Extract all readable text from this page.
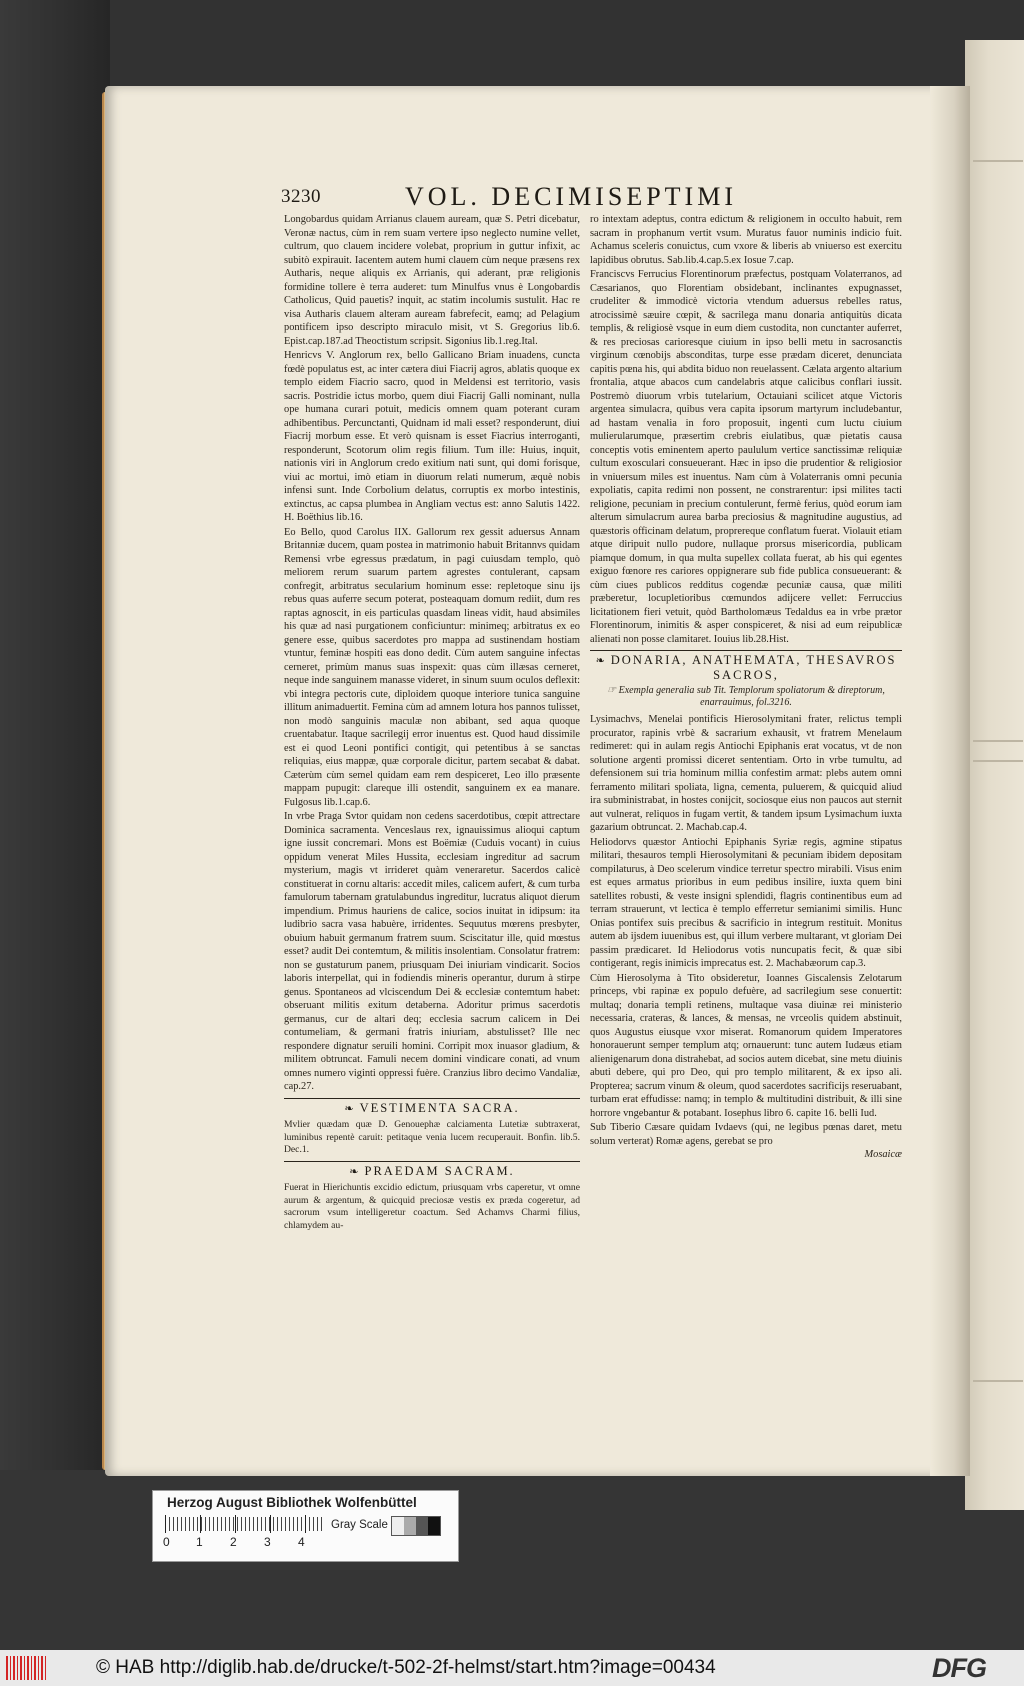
3230	VOL. DECIMISEPTIMI

Longobardus quidam Arrianus clauem auream, quæ S. Petri dicebatur, Veronæ nactus, cùm in rem suam vertere ipso neglecto numine vellet, cultrum, quo clauem incidere volebat, proprium in guttur infixit, ac subitò expirauit. Iacentem autem humi clauem cùm neque præsens rex Autharis, neque aliquis ex Arrianis, qui aderant, præ religionis formidine tollere è terra auderet: tum Minulfus vnus è Longobardis Catholicus, Quid pauetis? inquit, ac statim incolumis sustulit. Hac re visa Autharis clauem alteram auream fabrefecit, eamq; ad Pelagium pontificem ipso descripto miraculo misit, vt S. Gregorius lib.6. Epist.cap.187.ad Theoctistum scripsit. Sigonius lib.1.reg.Ital.

Henricvs V. Anglorum rex, bello Gallicano Briam inuadens, cuncta fœdè populatus est, ac inter cætera diui Fiacrij agros, ablatis quoque ex templo eidem Fiacrio sacro, quod in Meldensi est territorio, vasis sacris. Postridie ictus morbo, quem diui Fiacrij Galli nominant, nulla ope humana curari potuit, medicis omnem quam poterant curam adhibentibus. Percunctanti, Quidnam id mali esset? responderunt, diui Fiacrij morbum esse. Et verò quisnam is esset Fiacrius interroganti, responderunt, Scotorum olim regis filium. Tum ille: Huius, inquit, nationis viri in Anglorum credo exitium nati sunt, qui domi forisque, viui ac mortui, imò etiam in diuorum relati numerum, æquè nobis infensi sunt. Inde Corbolium delatus, corruptis ex morbo intestinis, extinctus, ac capsa plumbea in Angliam vectus est: anno Salutis 1422. H. Boëthius lib.16.

Eo Bello, quod Carolus IIX. Gallorum rex gessit aduersus Annam Britanniæ ducem, quam postea in matrimonio habuit Britannvs quidam Remensi vrbe egressus prædatum, in pagi cuiusdam templo, quò meliorem rerum suarum partem agrestes contulerant, capsam confregit, arbitratus secularium hominum esse: repletoque sinu ijs rebus quas auferre secum poterat, posteaquam domum rediit, dum res raptas agnoscit, in eis particulas quasdam lineas vidit, haud absimiles his quæ ad nasi purgationem conficiuntur: minimeq; arbitratus ex eo genere esse, quibus sacerdotes pro mappa ad sustinendam hostiam vtuntur, feminæ hospiti eas dono dedit. Cùm autem sanguine infectas cerneret, primùm manus suas inspexit: quas cùm illæsas cerneret, neque inde sanguinem manasse videret, in sinum suum oculos deflexit: vbi integra pectoris cute, diploidem quoque interiore tunica sanguine illitum animaduertit. Femina cùm ad amnem lotura hos pannos tulisset, non modò sanguinis maculæ non abibant, sed aqua quoque cruentabatur. Itaque sacrilegij error inuentus est. Quod haud dissimile est ei quod Leoni pontifici contigit, qui petentibus à se sanctas reliquias, eius mappæ, quæ corporale dicitur, partem secabat & dabat. Cæterùm cùm semel quidam eam rem despiceret, Leo illo præsente mappam pupugit: clareque illi ostendit, sanguinem ex ea manare. Fulgosus lib.1.cap.6.

In vrbe Praga Svtor quidam non cedens sacerdotibus, cœpit attrectare Dominica sacramenta. Venceslaus rex, ignauissimus alioqui captum igne iussit concremari. Mons est Boëmiæ (Cuduis vocant) in cuius oppidum venerat Miles Hussita, ecclesiam ingreditur ad sacrum mysterium, magis vt irrideret quàm veneraretur. Sacerdos calicè constituerat in cornu altaris: accedit miles, calicem aufert, & cum turba famulorum tabernam gratulabundus ingreditur, lucratus aliquot dierum impendium. Primus hauriens de calice, socios inuitat in idipsum: ita ludibrio sacra vasa habuère, irridentes. Sequutus mœrens presbyter, obuium habuit germanum fratrem suum. Sciscitatur ille, quid mœstus esset? audit Dei contemtum, & militis insolentiam. Consolatur fratrem: non se gustaturum panem, priusquam Dei iniuriam vindicarit. Socios laboris interpellat, qui in fodiendis mineris operantur, durum à stirpe genus. Spontaneos ad vlciscendum Dei & ecclesiæ contemtum habet: obseruant militis exitum detaberna. Adoritur primus sacerdotis germanus, cur de altari deq; ecclesia sacrum calicem in Dei contumeliam, & germani fratris iniuriam, abstulisset? Ille nec respondere dignatur seruili homini. Corripit mox inuasor gladium, & militem obtruncat. Famuli necem domini vindicare conati, ad vnum omnes numero viginti oppressi fuère. Cranzius libro decimo Vandaliæ, cap.27.

❧ VESTIMENTA SACRA.

Mvlier quædam quæ D. Genouephæ calciamenta Lutetiæ subtraxerat, luminibus repentè caruit: petitaque venia lucem recuperauit. Bonfin. lib.5. Dec.1.

❧ PRAEDAM SACRAM.

Fuerat in Hierichuntis excidio edictum, priusquam vrbs caperetur, vt omne aurum & argentum, & quicquid preciosæ vestis ex præda cogeretur, ad sacrorum vsum intelligeretur coactum. Sed Achamvs Charmi filius, chlamydem au-

ro intextam adeptus, contra edictum & religionem in occulto habuit, rem sacram in prophanum vertit vsum. Muratus fauor numinis indicio fuit. Achamus sceleris conuictus, cum vxore & liberis ab vniuerso est exercitu lapidibus obrutus. Sab.lib.4.cap.5.ex Iosue 7.cap.

Franciscvs Ferrucius Florentinorum præfectus, postquam Volaterranos, ad Cæsarianos, quo Florentiam obsidebant, inclinantes expugnasset, crudeliter & immodicè victoria vtendum aduersus rebelles ratus, atrocissimè sæuire cœpit, & sacrilega manu donaria antiquitùs dicata templis, & religiosè vsque in eum diem custodita, non cunctanter auferret, & res preciosas carioresque ciuium in ipso belli metu in sacrosanctis virginum cœnobijs absconditas, turpe esse prædam diceret, denunciata capitis pœna his, qui abdita biduo non reuelassent. Cælata argento altarium frontalia, atque abacos cum candelabris atque calicibus conflari iussit. Postremò diuorum vrbis tutelarium, Octauiani scilicet atque Victoris argentea simulacra, quibus vera capita ipsorum martyrum includebantur, ad hastam venalia in foro proposuit, ingenti cum luctu ciuium mulierularumque, præsertim crebris eiulatibus, quæ pietatis causa conceptis votis eminentem aperto paululum vertice sanctissimæ reliquiæ cultum exosculari consueuerant. Hæc in ipso die prudentior & religiosior in vniuersum miles est inuentus. Nam cùm à Volaterranis omni pecunia expoliatis, capita redimi non possent, ne constrarentur: ipsi milites tacti religione, pecuniam in precium contulerunt, fermè ferius, quòd eorum iam alterum simulacrum aurea barba preciosius & magnitudine augustius, ad quæstoris officinam delatum, proprereque conflatum fuerat. Violauit etiam atque diripuit nullo pudore, nullaque prorsus misericordia, publicam piamque domum, in qua multa supellex collata fuerat, ab his qui egentes exiguo fœnore res cariores oppignerare sub fide publica consueuerant: & cùm ciues publicos redditus cogendæ pecuniæ causa, quæ militi præberetur, locupletioribus cœmundos adijcere vellet: Ferruccius licitationem fieri vetuit, quòd Bartholomæus Tedaldus ea in vrbe prætor Florentinorum, inimitis & asper conspiceret, & nisi ad eum reipublicæ alienati non posse clamitaret. Iouius lib.28.Hist.

❧ DONARIA, ANATHEMATA, THESAVROS SACROS,
☞ Exempla generalia sub Tit. Templorum spoliatorum & direptorum, enarrauimus, fol.3216.

Lysimachvs, Menelai pontificis Hierosolymitani frater, relictus templi procurator, rapinis vrbè & sacrarium exhausit, vt fratrem Menelaum redimeret: qui in aulam regis Antiochi Epiphanis erat vocatus, vt de non solutione argenti promissi diceret sententiam. Orto in vrbe tumultu, ad defensionem sui tria hominum millia confestim armat: plebs autem omni ferramento militari spoliata, ligna, cementa, puluerem, & quicquid aliud ira subministrabat, in hostes conijcit, sociosque eius non paucos aut sternit aut vulnerat, reliquos in fugam vertit, & tandem ipsum Lysimachum iuxta gazarium obtruncat. 2. Machab.cap.4.

Heliodorvs quæstor Antiochi Epiphanis Syriæ regis, agmine stipatus militari, thesauros templi Hierosolymitani & pecuniam ibidem depositam compilaturus, à Deo scelerum vindice terretur spectro mirabili. Visus enim est eques armatus prioribus in eum pedibus insilire, iuxta quem bini satellites robusti, & veste insigni splendidi, flagris continentibus eum ad terram strauerunt, vt lectica è templo efferretur semianimi similis. Hunc Onias pontifex suis precibus & sacrificio in integrum restituit. Monitus autem ab ijsdem iuuenibus est, qui illum verbere multarant, vt gloriam Dei passim prædicaret. Id Heliodorus votis nuncupatis fecit, & quæ sibi contigerant, regis inimicis imprecatus est. 2. Machabæorum cap.3.

Cùm Hierosolyma à Tito obsideretur, Ioannes Giscalensis Zelotarum princeps, vbi rapinæ ex populo defuère, ad sacrilegium sese conuertit: multaq; donaria templi retinens, multaque vasa diuinæ rei ministerio necessaria, crateras, & lances, & mensas, ne vrceolis quidem abstinuit, quos Augustus eiusque vxor miserat. Romanorum quidem Imperatores honorauerunt semper templum atq; ornauerunt: tunc autem Iudæus etiam alienigenarum dona distrahebat, ad socios autem dicebat, sine metu diuinis abuti debere, qui pro Deo, qui pro templo militarent, & ex ipso ali. Propterea; sacrum vinum & oleum, quod sacerdotes sacrificijs reseruabant, turbam erat effudisse: namq; in templo & multitudini distribuit, & illi sine horrore vngebantur & potabant. Iosephus libro 6. capite 16. belli Iud.

Sub Tiberio Cæsare quidam Ivdaevs (qui, ne legibus pœnas daret, metu solum verterat) Romæ agens, gerebat se pro

Mosaicæ

Herzog August Bibliothek Wolfenbüttel
0 1 2 3 4
Gray Scale
© HAB http://diglib.hab.de/drucke/t-502-2f-helmst/start.htm?image=00434	DFG
